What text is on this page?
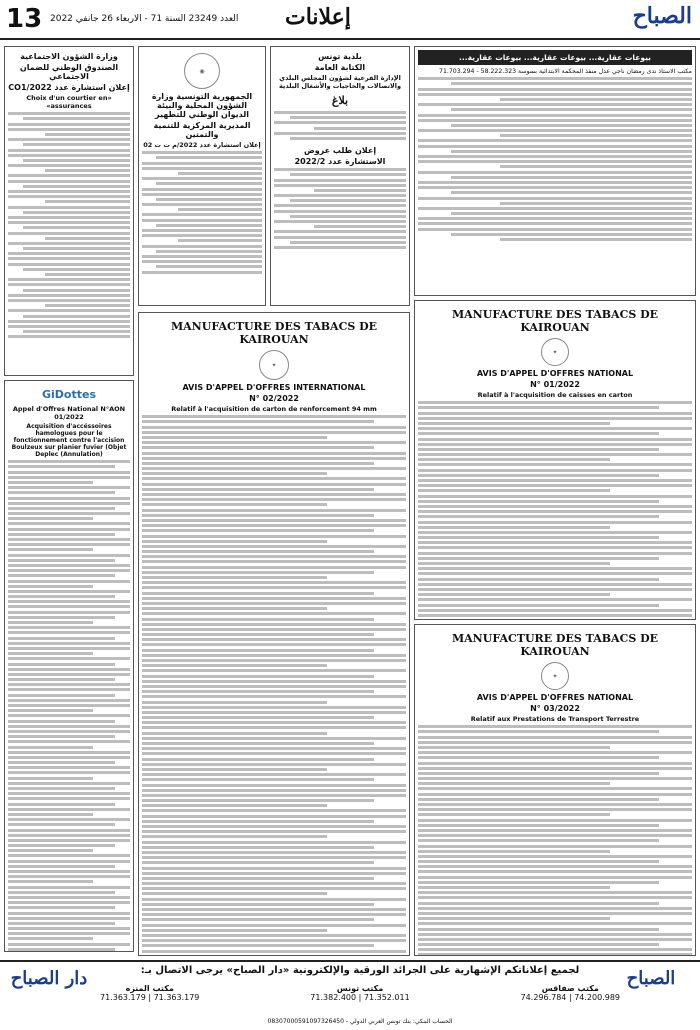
13 العدد 23249 السنة 71 - الاربعاء 26 جانفي 2022 إعلانات	الصباح
وزارة الشؤون الاجتماعية
الصندوق الوطني للضمان الاجتماعي
إعلان استشارة عدد 2022/CO1
«Choix d'un courtier en assurances»
GiDottes
Appel d'Offres National N°AON 01/2022
Acquisition d'accéssoires hamologues pour le fonctionnement contre l'accision Boulzeux sur planier fuvier (Objet Deplec (Annulation)
◉
الجمهورية التونسية وزارة الشؤون المحلية والبيئة الديوان الوطني للتطهير
المديرية المركزية للتنمية والتمتين
إعلان استشارة عدد 2022/م ت ت 02
بلدية تونس
الكتابة العامة
الإدارة الفرعية لشؤون المجلس البلدي والاتصالات والحاجيات والأشغال البلدية
بلاغ
إعلان طلب عروض
الاستشارة عدد 2022/2
MANUFACTURE DES TABACS DE KAIROUAN
✦
AVIS D'APPEL D'OFFRES INTERNATIONAL
N° 02/2022
Relatif à l'acquisition de carton de renforcement 94 mm
بيوعات عقارية... بيوعات عقارية... بيوعات عقارية...
مكتب الاستاذ ندى رمضان ناجي عدل منفذ المحكمة الابتدائية بسوسة 58.222.323 - 71.703.294
MANUFACTURE DES TABACS DE KAIROUAN
✦
AVIS D'APPEL D'OFFRES NATIONAL
N° 01/2022
Relatif à l'acquisition de caisses en carton
MANUFACTURE DES TABACS DE KAIROUAN
✦
AVIS D'APPEL D'OFFRES NATIONAL
N° 03/2022
Relatif aux Prestations de Transport Terrestre
دار الصباح	لجميع إعلاناتكم الإشهارية على الجرائد الورقية والإلكترونية «دار الصباح» يرجى الاتصال بـ:
مكتب المنزه
71.363.179 | 71.363.179
مكتب تونس
71.352.011 | 71.382.400
مكتب صفاقس
74.200.989 | 74.296.784
الحساب البنكي: بنك تونس العربي الدولي - 08307000591097326450
الصباح
